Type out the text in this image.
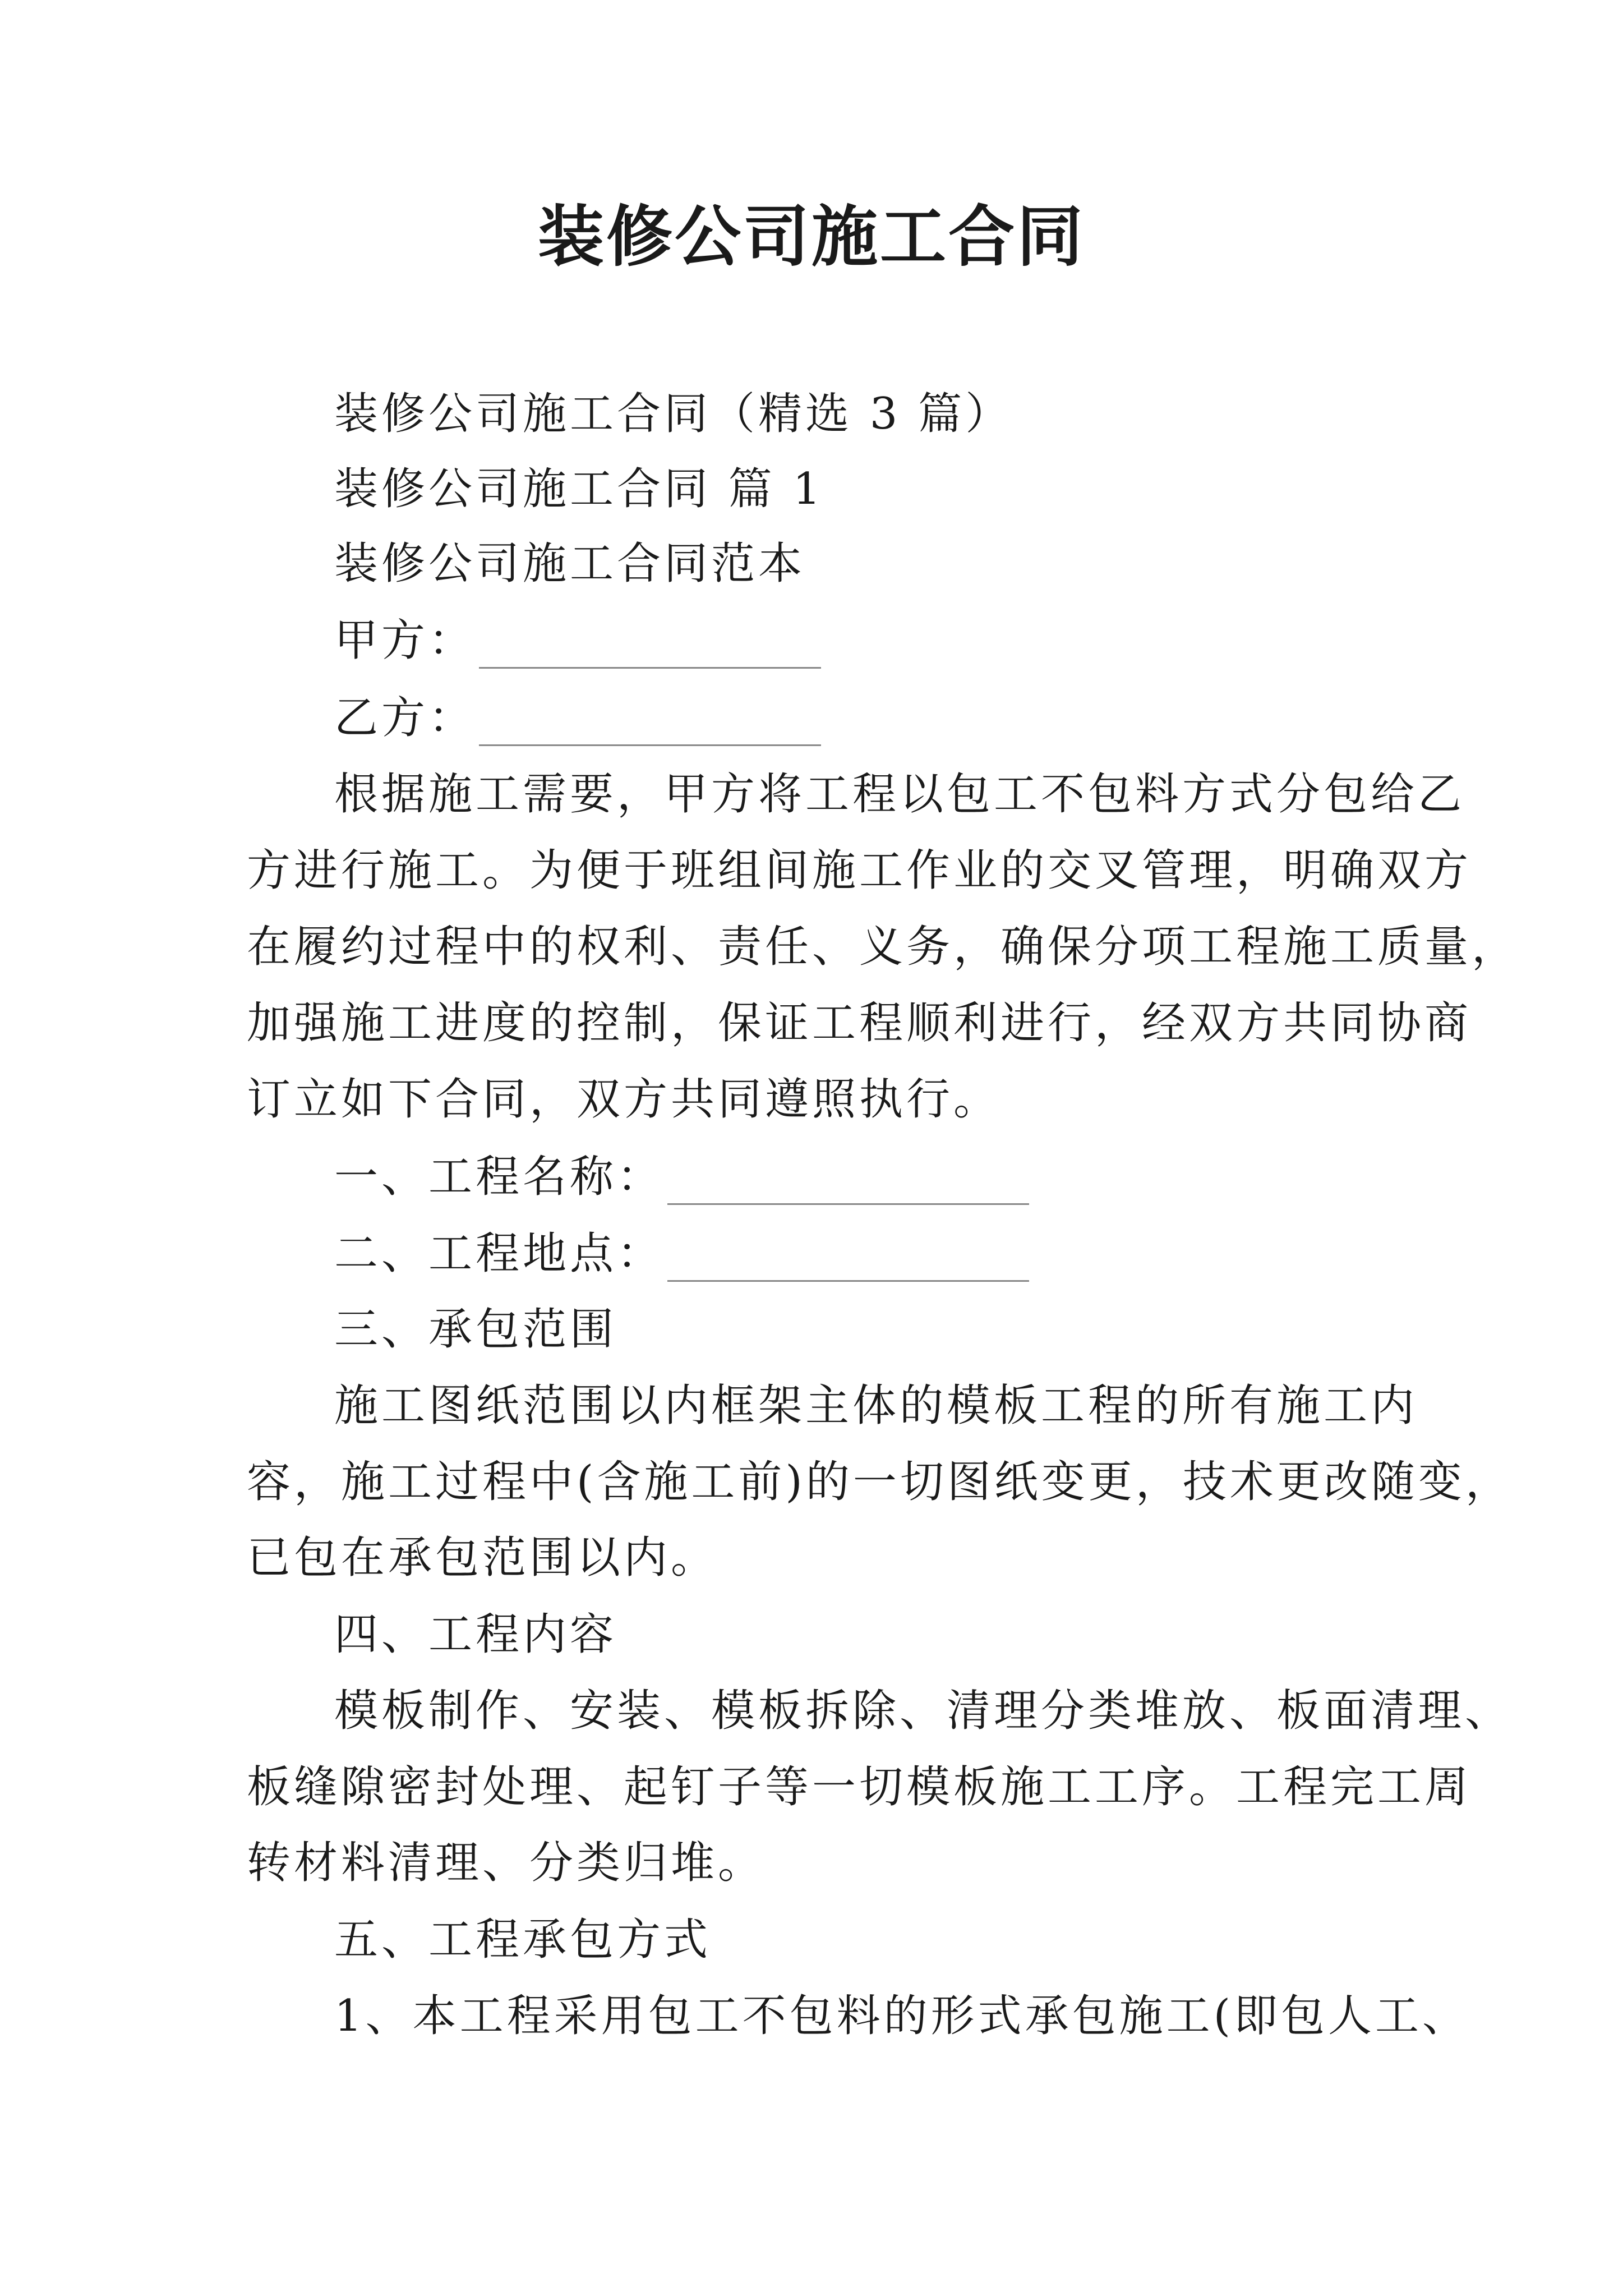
装修公司施工合同
装修公司施工合同（精选 3 篇）
装修公司施工合同 篇 1
装修公司施工合同范本
甲方：
乙方：
根据施工需要，甲方将工程以包工不包料方式分包给乙
方进行施工。为便于班组间施工作业的交叉管理，明确双方
在履约过程中的权利、责任、义务，确保分项工程施工质量，
加强施工进度的控制，保证工程顺利进行，经双方共同协商
订立如下合同，双方共同遵照执行。
一、工程名称：
二、工程地点：
三、承包范围
施工图纸范围以内框架主体的模板工程的所有施工内
容，施工过程中(含施工前)的一切图纸变更，技术更改随变，
已包在承包范围以内。
四、工程内容
模板制作、安装、模板拆除、清理分类堆放、板面清理、
板缝隙密封处理、起钉子等一切模板施工工序。工程完工周
转材料清理、分类归堆。
五、工程承包方式
1、本工程采用包工不包料的形式承包施工(即包人工、
